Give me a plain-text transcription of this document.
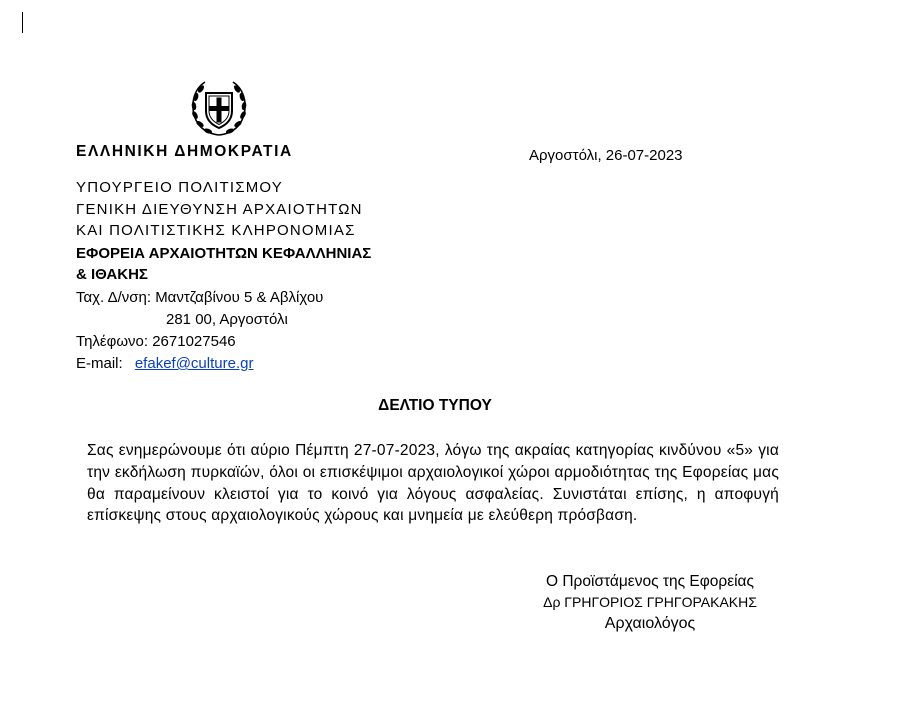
ΕΛΛΗΝΙΚΗ ΔΗΜΟΚΡΑΤΙΑ	Αργοστόλι, 26-07-2023
ΥΠΟΥΡΓΕΙΟ ΠΟΛΙΤΙΣΜΟΥ
ΓΕΝΙΚΗ ΔΙΕΥΘΥΝΣΗ ΑΡΧΑΙΟΤΗΤΩΝ
ΚΑΙ ΠΟΛΙΤΙΣΤΙΚΗΣ ΚΛΗΡΟΝΟΜΙΑΣ
ΕΦΟΡΕΙΑ ΑΡΧΑΙΟΤΗΤΩΝ ΚΕΦΑΛΛΗΝΙΑΣ
& ΙΘΑΚΗΣ
Ταχ. Δ/νση: Μαντζαβίνου 5 & Αβλίχου
281 00, Αργοστόλι
Τηλέφωνο: 2671027546
E-mail: efakef@culture.gr
ΔΕΛΤΙΟ ΤΥΠΟΥ
Σας ενημερώνουμε ότι αύριο Πέμπτη 27-07-2023, λόγω της ακραίας κατηγορίας κινδύνου «5» για την εκδήλωση πυρκαϊών, όλοι οι επισκέψιμοι αρχαιολογικοί χώροι αρμοδιότητας της Εφορείας μας θα παραμείνουν κλειστοί για το κοινό για λόγους ασφαλείας. Συνιστάται επίσης, η αποφυγή επίσκεψης στους αρχαιολογικούς χώρους και μνημεία με ελεύθερη πρόσβαση.
Ο Προϊστάμενος της Εφορείας
Δρ ΓΡΗΓΟΡΙΟΣ ΓΡΗΓΟΡΑΚΑΚΗΣ
Αρχαιολόγος
